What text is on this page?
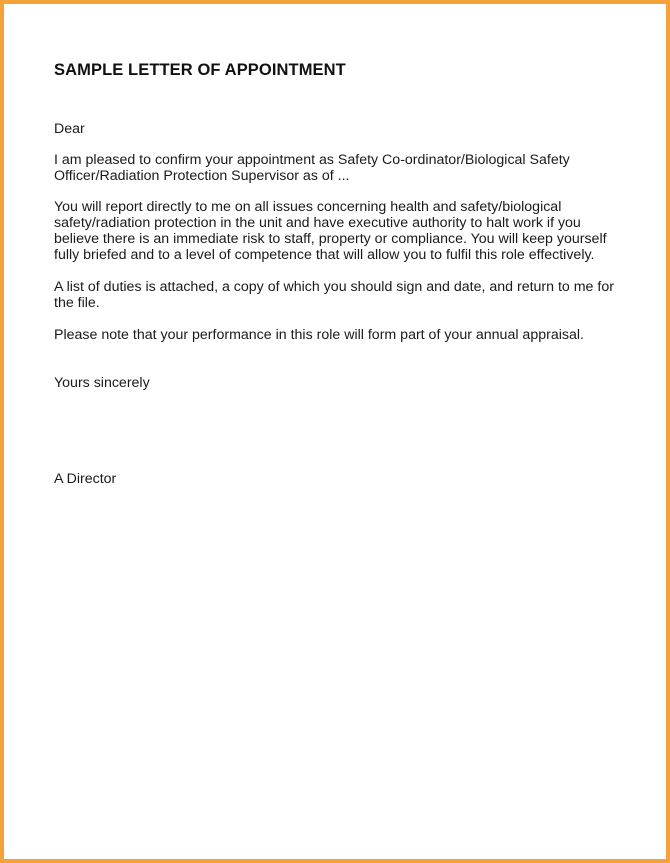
SAMPLE LETTER OF APPOINTMENT

Dear

I am pleased to confirm your appointment as Safety Co-ordinator/Biological Safety

Officer/Radiation Protection Supervisor as of ...

You will report directly to me on all issues concerning health and safety/biological

safety/radiation protection in the unit and have executive authority to halt work if you

believe there is an immediate risk to staff, property or compliance. You will keep yourself

fully briefed and to a level of competence that will allow you to fulfil this role effectively.

A list of duties is attached, a copy of which you should sign and date, and return to me for

the file.

Please note that your performance in this role will form part of your annual appraisal.

Yours sincerely

A Director
